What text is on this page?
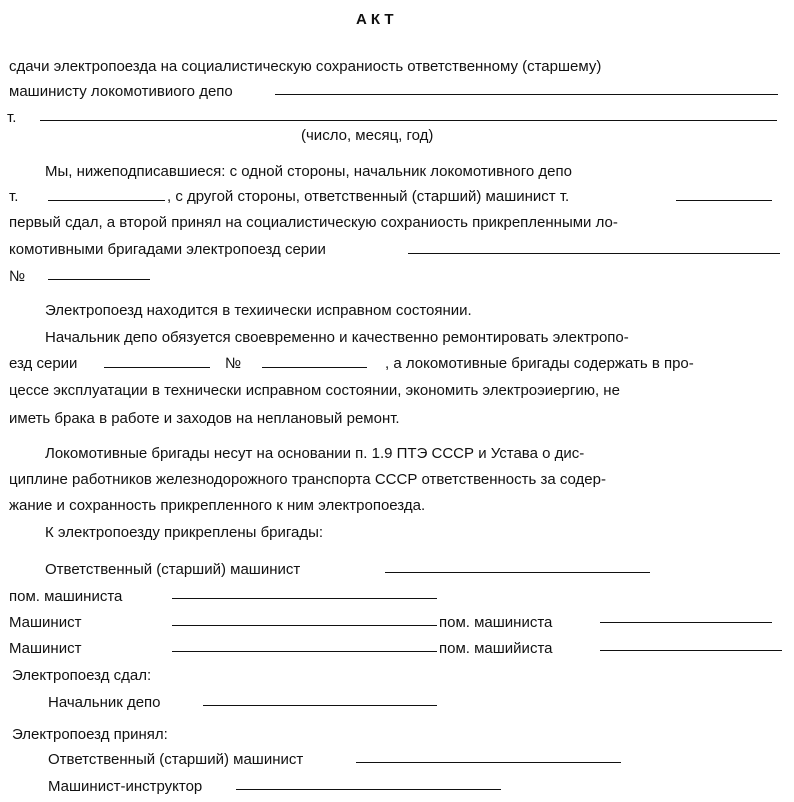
АКТ
сдачи электропоезда на социалистическую сохраниость ответственному (старшему)
машинисту локомотивиого депо
т.
(число, месяц, год)
Мы, нижеподписавшиеся: с одной стороны, начальник локомотивного депо
т.	, с другой стороны, ответственный (старший) машинист т.
первый сдал, а второй принял на социалистическую сохраниость прикрепленными ло-
комотивными бригадами электропоезд серии
№
Электропоезд находится в техиически исправном состоянии.
Начальник депо обязуется своевременно и качественно ремонтировать электропо-
езд серии	№	, а локомотивные бригады содержать в про-
цессе эксплуатации в технически исправном состоянии, экономить электроэиергию, не
иметь брака в работе и заходов на неплановый ремонт.
Локомотивные бригады несут на основании п. 1.9 ПТЭ СССР и Устава о дис-
циплине работников железнодорожного транспорта СССР ответственность за содер-
жание и сохранность прикрепленного к ним электропоезда.
К электропоезду прикреплены бригады:
Ответственный (старший) машинист
пом. машиниста
Машинист	пом. машиниста
Машинист	пом. машийиста
Электропоезд сдал:
Начальник депо
Электропоезд принял:
Ответственный (старший) машинист
Машинист-инструктор
